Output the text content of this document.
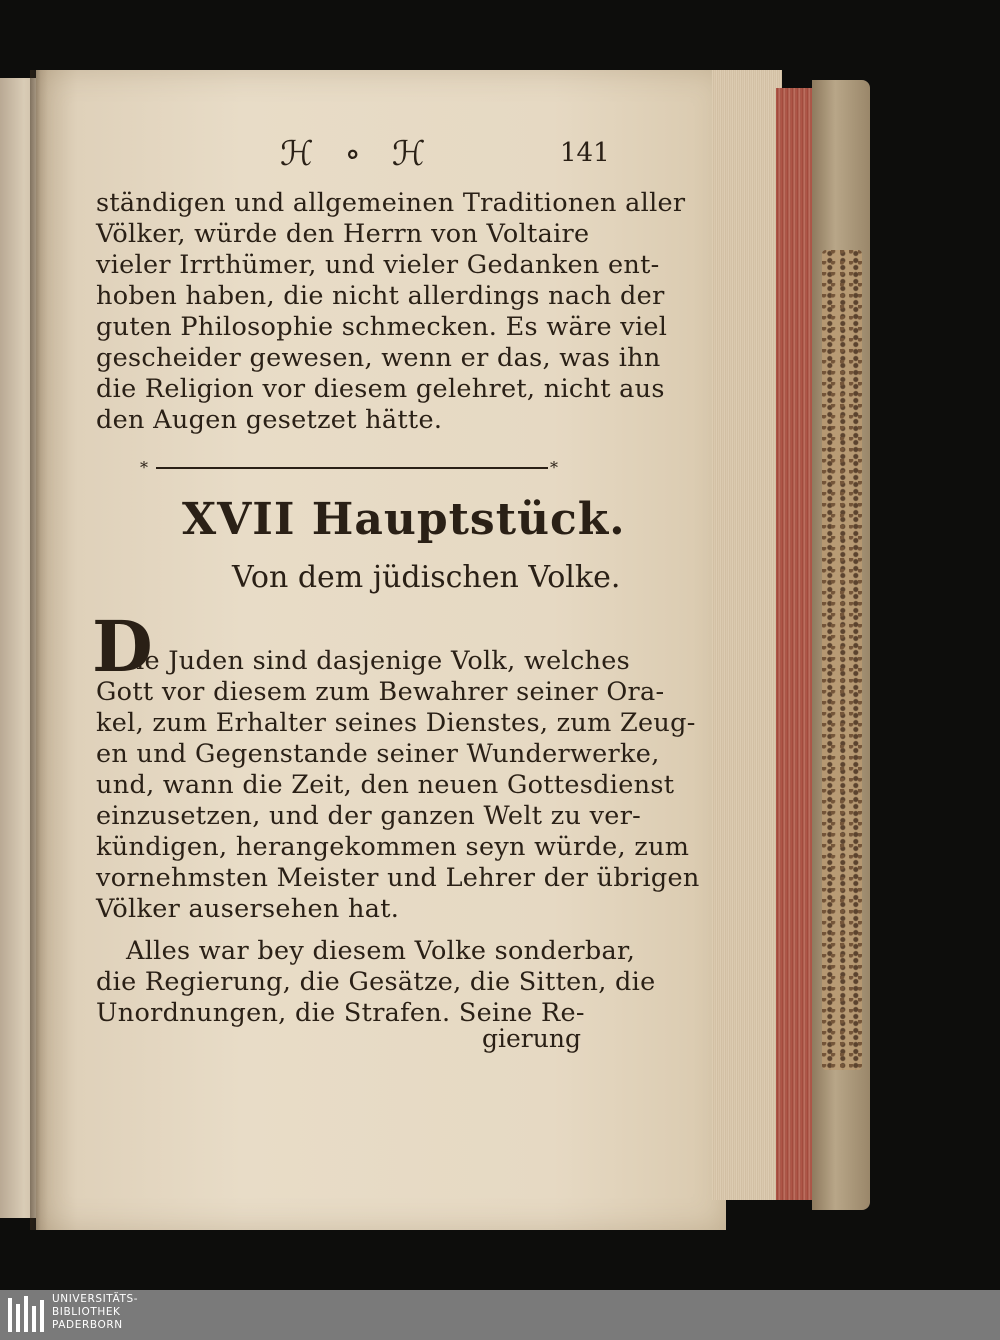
ℋ ∘ ℋ	141
ständigen und allgemeinen Traditionen aller
Völker, würde den Herrn von Voltaire
vieler Irrthümer, und vieler Gedanken ent-
hoben haben, die nicht allerdings nach der
guten Philosophie schmecken. Es wäre viel
gescheider gewesen, wenn er das, was ihn
die Religion vor diesem gelehret, nicht aus
den Augen gesetzet hätte.
*	*
XVII Hauptstück.
Von dem jüdischen Volke.
D
ie Juden sind dasjenige Volk, welches
Gott vor diesem zum Bewahrer seiner Ora-
kel, zum Erhalter seines Dienstes, zum Zeug-
en und Gegenstande seiner Wunderwerke,
und, wann die Zeit, den neuen Gottesdienst
einzusetzen, und der ganzen Welt zu ver-
kündigen, herangekommen seyn würde, zum
vornehmsten Meister und Lehrer der übrigen
Völker ausersehen hat.
Alles war bey diesem Volke sonderbar,
die Regierung, die Gesätze, die Sitten, die
Unordnungen, die Strafen. Seine Re-
gierung
UNIVERSITÄTS-
BIBLIOTHEK
PADERBORN
